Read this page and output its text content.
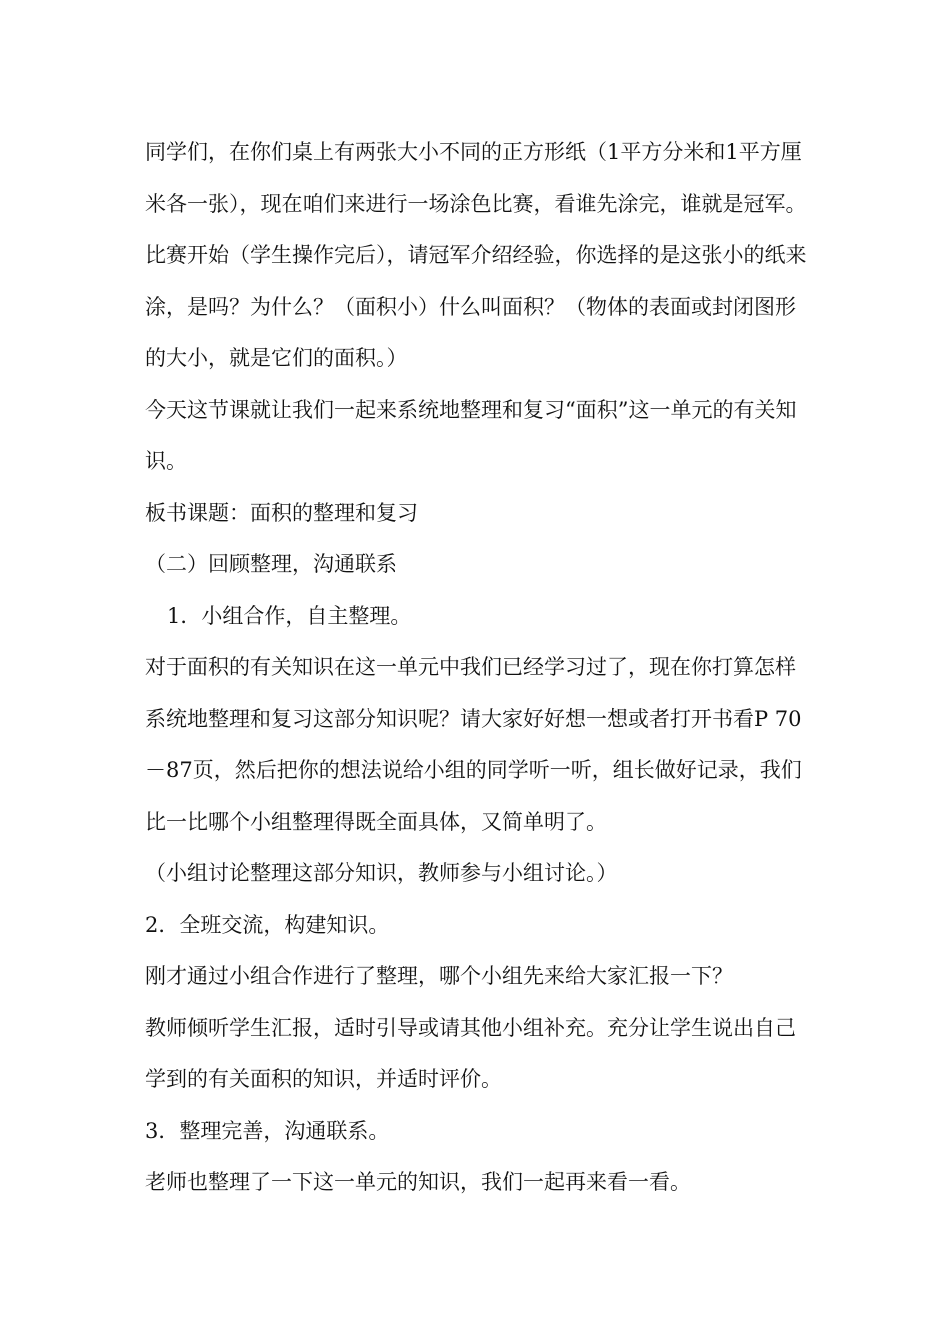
同学们，在你们桌上有两张大小不同的正方形纸（1平方分米和1平方厘米各一张），现在咱们来进行一场涂色比赛，看谁先涂完，谁就是冠军。

比赛开始（学生操作完后），请冠军介绍经验，你选择的是这张小的纸来涂，是吗？为什么？（面积小）什么叫面积？（物体的表面或封闭图形的大小，就是它们的面积。）

今天这节课就让我们一起来系统地整理和复习“面积”这一单元的有关知识。

板书课题：面积的整理和复习

（二）回顾整理，沟通联系

1．小组合作，自主整理。

对于面积的有关知识在这一单元中我们已经学习过了，现在你打算怎样系统地整理和复习这部分知识呢？请大家好好想一想或者打开书看P 70－87页，然后把你的想法说给小组的同学听一听，组长做好记录，我们比一比哪个小组整理得既全面具体，又简单明了。

（小组讨论整理这部分知识，教师参与小组讨论。）

2．全班交流，构建知识。

刚才通过小组合作进行了整理，哪个小组先来给大家汇报一下？

教师倾听学生汇报，适时引导或请其他小组补充。充分让学生说出自己学到的有关面积的知识，并适时评价。

3．整理完善，沟通联系。

老师也整理了一下这一单元的知识，我们一起再来看一看。
